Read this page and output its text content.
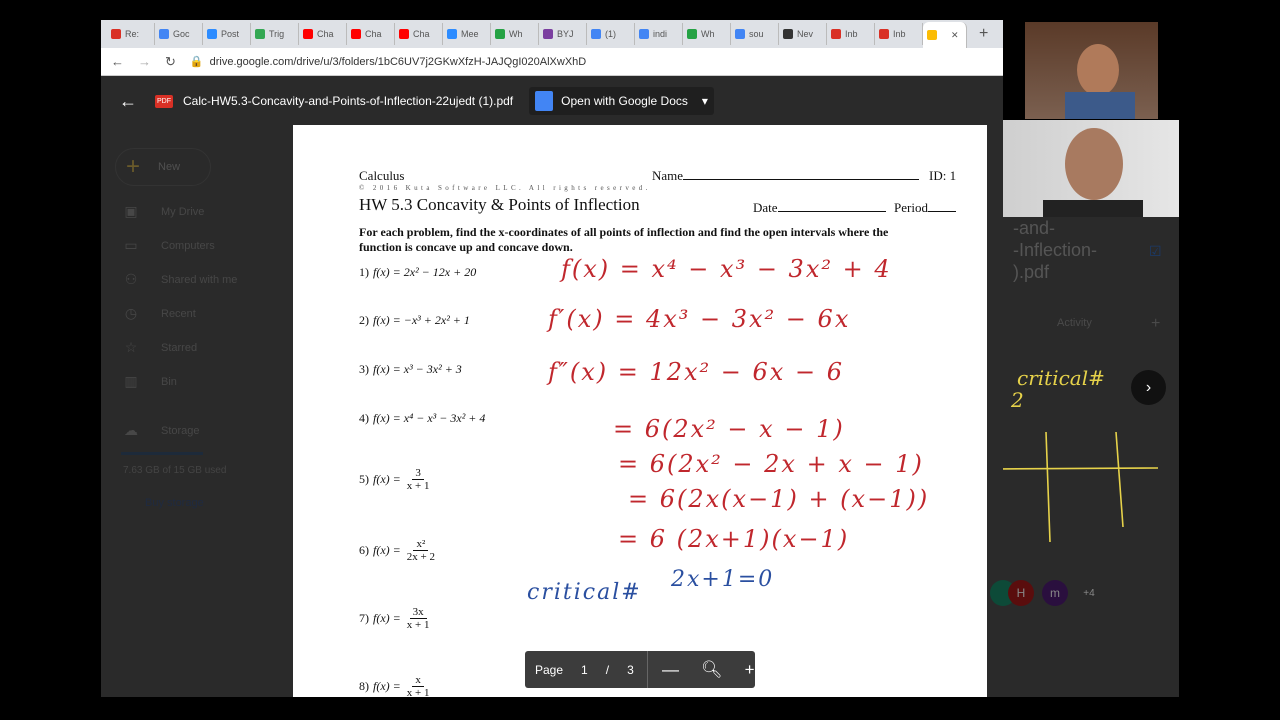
Re:	Goc	Post	Trig	Cha	Cha	Cha	Mee	Wh	BYJ	(1)	indi	Wh	sou	Nev	Inb	Inb	✕ +
← → ↻ 🔒 drive.google.com/drive/u/3/folders/1bC6UV7j2GKwXfzH-JAJQgI020AlXwXhD
+ New
▣	My Drive
▭	Computers
⚇	Shared with me
◷	Recent
☆	Starred
▥	Bin
☁ Storage
7.63 GB of 15 GB used
Buy storage
←	PDF Calc-HW5.3-Concavity-and-Points-of-Inflection-22ujedt (1).pdf	Open with Google Docs ▾
Calculus	Name	ID: 1
© 2016 Kuta Software LLC. All rights reserved.
HW 5.3 Concavity & Points of Inflection	Date	Period
For each problem, find the x-coordinates of all points of inflection and find the open intervals where the function is concave up and concave down.
1) f(x) = 2x² − 12x + 20
2) f(x) = −x³ + 2x² + 1
3) f(x) = x³ − 3x² + 3
4) f(x) = x⁴ − x³ − 3x² + 4
5) $f(x) = \frac{3}{x + 1}$
6) $f(x) = \frac{\text{x²}}{2x + 2}$
7) $f(x) = \frac{3x}{x + 1}$
8) $f(x) = \frac{x}{x + 1}$
f(x) = x⁴ − x³ − 3x² + 4
f′(x) = 4x³ − 3x² − 6x
f″(x) = 12x² − 6x − 6
= 6(2x² − x − 1)
= 6(2x² − 2x + x − 1)
= 6(2x(x−1) + (x−1))
= 6 (2x+1)(x−1)
critical#
2x+1=0
Page 1 / 3 — 🔍︎ +
-and-
-Inflection-
).pdf
☑
Activity	+
critical#
2
H	m	+4
›
